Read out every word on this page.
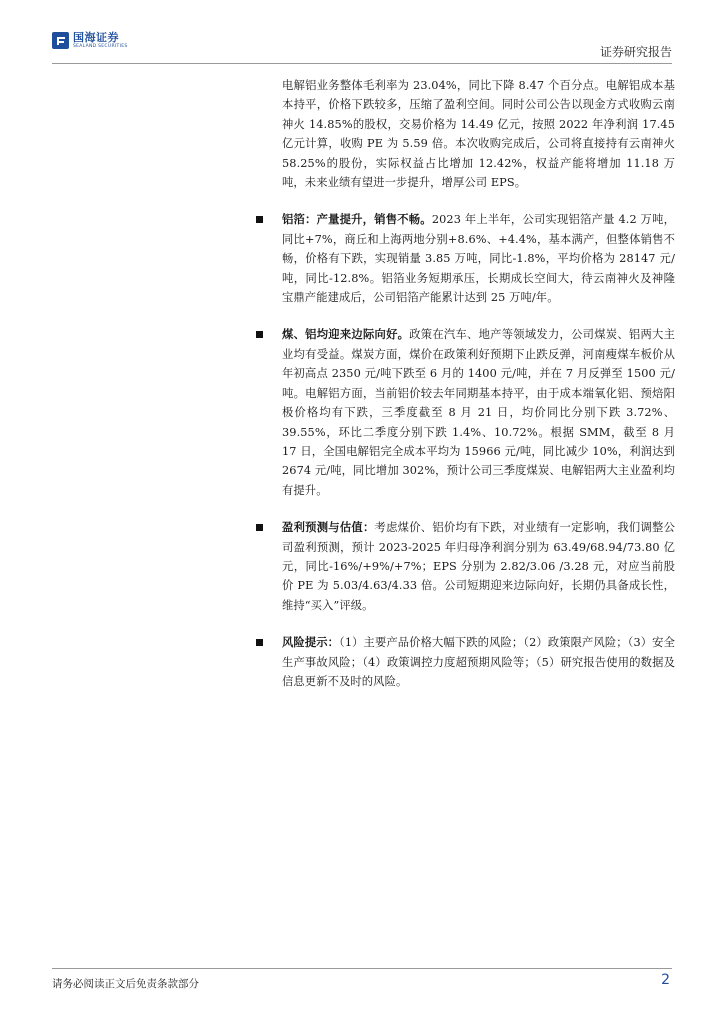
国海证券
SEALAND SECURITIES	证券研究报告

电解铝业务整体毛利率为 23.04%，同比下降 8.47 个百分点。电解铝成本基本持平，价格下跌较多，压缩了盈利空间。同时公司公告以现金方式收购云南神火 14.85%的股权，交易价格为 14.49 亿元，按照 2022 年净利润 17.45 亿元计算，收购 PE 为 5.59 倍。本次收购完成后，公司将直接持有云南神火 58.25%的股份，实际权益占比增加 12.42%，权益产能将增加 11.18 万吨，未来业绩有望进一步提升，增厚公司 EPS。

铝箔：产量提升，销售不畅。2023 年上半年，公司实现铝箔产量 4.2 万吨，同比+7%，商丘和上海两地分别+8.6%、+4.4%，基本满产，但整体销售不畅，价格有下跌，实现销量 3.85 万吨，同比-1.8%，平均价格为 28147 元/吨，同比-12.8%。铝箔业务短期承压，长期成长空间大，待云南神火及神隆宝鼎产能建成后，公司铝箔产能累计达到 25 万吨/年。

煤、铝均迎来边际向好。政策在汽车、地产等领域发力，公司煤炭、铝两大主业均有受益。煤炭方面，煤价在政策利好预期下止跌反弹，河南瘦煤车板价从年初高点 2350 元/吨下跌至 6 月的 1400 元/吨，并在 7 月反弹至 1500 元/吨。电解铝方面，当前铝价较去年同期基本持平，由于成本端氧化铝、预焙阳极价格均有下跌，三季度截至 8 月 21 日，均价同比分别下跌 3.72%、39.55%，环比二季度分别下跌 1.4%、10.72%。根据 SMM，截至 8 月 17 日，全国电解铝完全成本平均为 15966 元/吨，同比减少 10%，利润达到 2674 元/吨，同比增加 302%，预计公司三季度煤炭、电解铝两大主业盈利均有提升。

盈利预测与估值：考虑煤价、铝价均有下跌，对业绩有一定影响，我们调整公司盈利预测，预计 2023-2025 年归母净利润分别为 63.49/68.94/73.80 亿元，同比-16%/+9%/+7%；EPS 分别为 2.82/3.06 /3.28 元，对应当前股价 PE 为 5.03/4.63/4.33 倍。公司短期迎来边际向好，长期仍具备成长性，维持“买入”评级。

风险提示：（1）主要产品价格大幅下跌的风险；（2）政策限产风险；（3）安全生产事故风险；（4）政策调控力度超预期风险等；（5）研究报告使用的数据及信息更新不及时的风险。

请务必阅读正文后免责条款部分	2
